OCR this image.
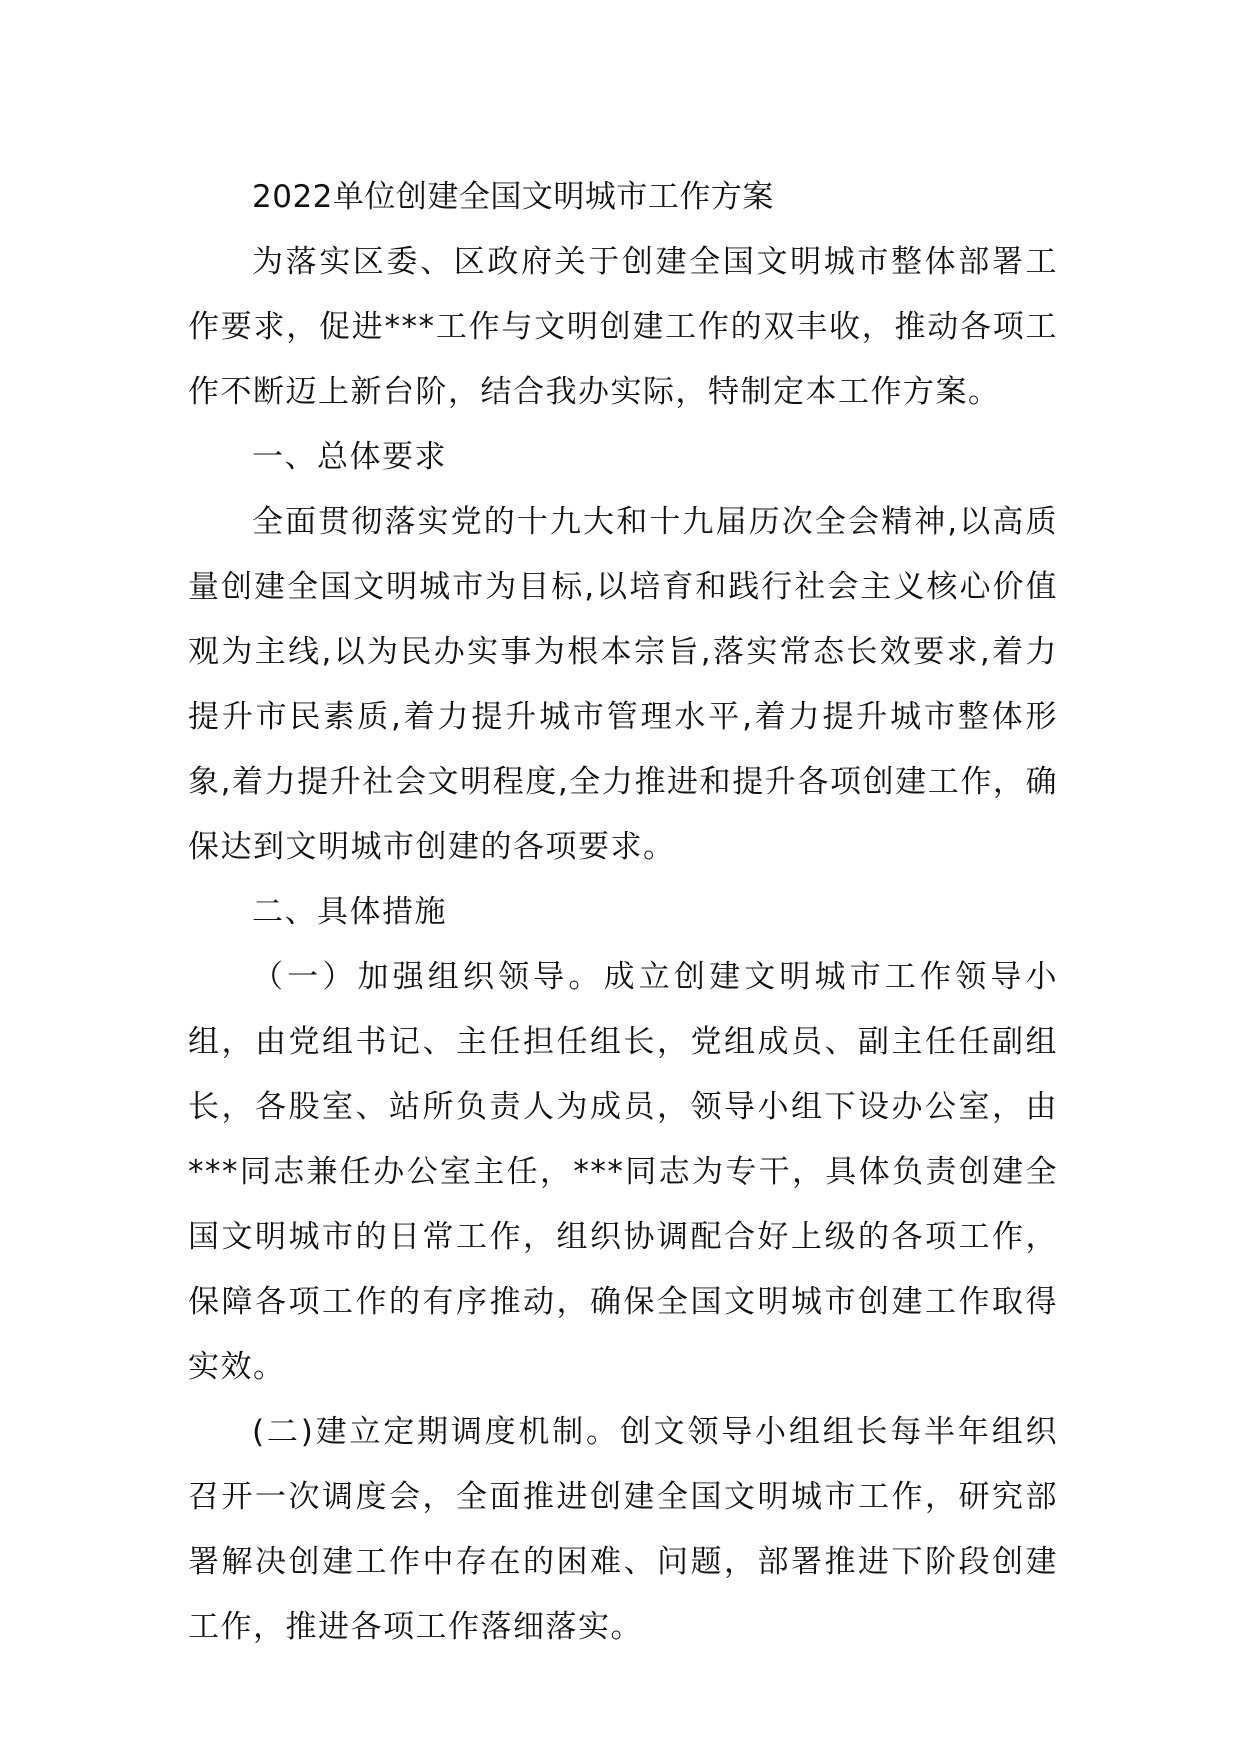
2022单位创建全国文明城市工作方案

为落实区委、区政府关于创建全国文明城市整体部署工作要求，促进***工作与文明创建工作的双丰收，推动各项工作不断迈上新台阶，结合我办实际，特制定本工作方案。

一、总体要求

全面贯彻落实党的十九大和十九届历次全会精神,以高质量创建全国文明城市为目标,以培育和践行社会主义核心价值观为主线,以为民办实事为根本宗旨,落实常态长效要求,着力提升市民素质,着力提升城市管理水平,着力提升城市整体形象,着力提升社会文明程度,全力推进和提升各项创建工作，确保达到文明城市创建的各项要求。

二、具体措施

（一）加强组织领导。成立创建文明城市工作领导小组，由党组书记、主任担任组长，党组成员、副主任任副组长，各股室、站所负责人为成员，领导小组下设办公室，由***同志兼任办公室主任，***同志为专干，具体负责创建全国文明城市的日常工作，组织协调配合好上级的各项工作，保障各项工作的有序推动，确保全国文明城市创建工作取得实效。

(二)建立定期调度机制。创文领导小组组长每半年组织召开一次调度会，全面推进创建全国文明城市工作，研究部署解决创建工作中存在的困难、问题，部署推进下阶段创建工作，推进各项工作落细落实。
